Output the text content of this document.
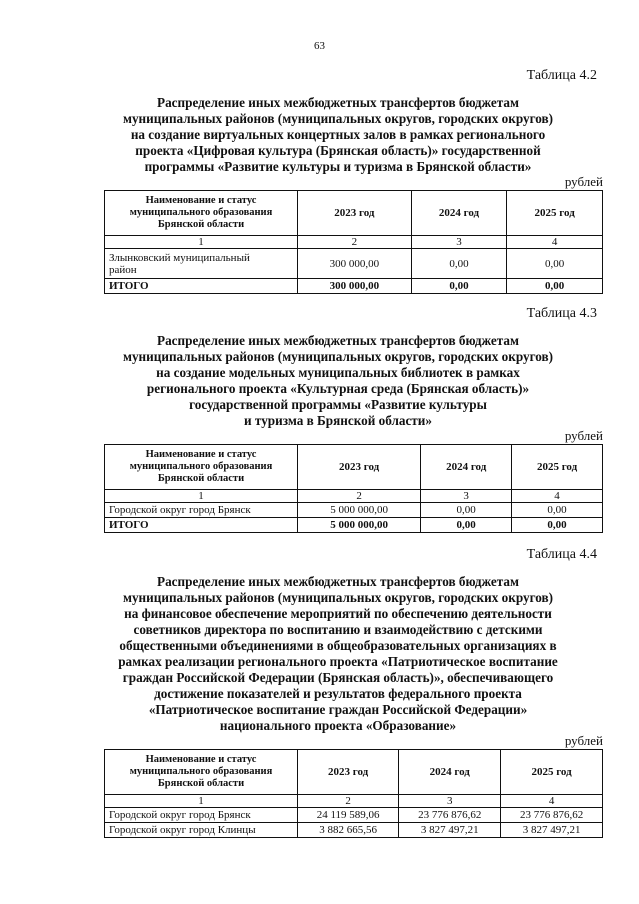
63
Таблица 4.2
Распределение иных межбюджетных трансфертов бюджетам
муниципальных районов (муниципальных округов, городских округов)
на создание виртуальных концертных залов в рамках регионального
проекта «Цифровая культура (Брянская область)» государственной
программы «Развитие культуры и туризма в Брянской области»
рублей
Наименование и статус
муниципального образования
Брянской области	2023 год	2024 год	2025 год
1	2	3	4

Злынковский муниципальный
район	300 000,00	0,00	0,00
ИТОГО	300 000,00	0,00	0,00
Таблица 4.3
Распределение иных межбюджетных трансфертов бюджетам
муниципальных районов (муниципальных округов, городских округов)
на создание модельных муниципальных библиотек в рамках
регионального проекта «Культурная среда (Брянская область)»
государственной программы «Развитие культуры
и туризма в Брянской области»
рублей
Наименование и статус
муниципального образования
Брянской области	2023 год	2024 год	2025 год
1	2	3	4
Городской округ город Брянск	5 000 000,00	0,00	0,00
ИТОГО	5 000 000,00	0,00	0,00
Таблица 4.4
Распределение иных межбюджетных трансфертов бюджетам
муниципальных районов (муниципальных округов, городских округов)
на финансовое обеспечение мероприятий по обеспечению деятельности
советников директора по воспитанию и взаимодействию с детскими
общественными объединениями в общеобразовательных организациях в
рамках реализации регионального проекта «Патриотическое воспитание
граждан Российской Федерации (Брянская область)», обеспечивающего
достижение показателей и результатов федерального проекта
«Патриотическое воспитание граждан Российской Федерации»
национального проекта «Образование»
рублей
Наименование и статус
муниципального образования
Брянской области	2023 год	2024 год	2025 год
1	2	3	4
Городской округ город Брянск	24 119 589,06	23 776 876,62	23 776 876,62
Городской округ город Клинцы	3 882 665,56	3 827 497,21	3 827 497,21
